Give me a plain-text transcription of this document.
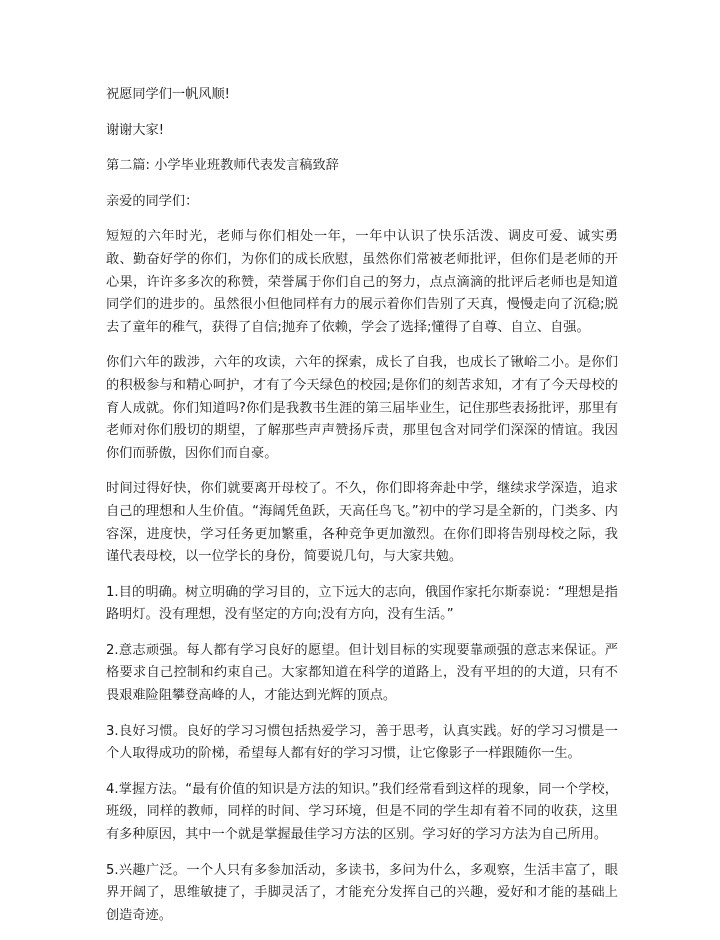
祝愿同学们一帆风顺!

谢谢大家!

第二篇: 小学毕业班教师代表发言稿致辞

亲爱的同学们：

短短的六年时光，老师与你们相处一年，一年中认识了快乐活泼、调皮可爱、诚实勇敢、勤奋好学的你们，为你们的成长欣慰，虽然你们常被老师批评，但你们是老师的开心果，许许多多次的称赞，荣誉属于你们自己的努力，点点滴滴的批评后老师也是知道同学们的进步的。虽然很小但他同样有力的展示着你们告别了天真，慢慢走向了沉稳;脱去了童年的稚气，获得了自信;抛弃了依赖，学会了选择;懂得了自尊、自立、自强。

你们六年的跋涉，六年的攻读，六年的探索，成长了自我，也成长了锹峪二小。是你们的积极参与和精心呵护，才有了今天绿色的校园;是你们的刻苦求知，才有了今天母校的育人成就。你们知道吗?你们是我教书生涯的第三届毕业生，记住那些表扬批评，那里有老师对你们殷切的期望，了解那些声声赞扬斥责，那里包含对同学们深深的情谊。我因你们而骄傲，因你们而自豪。

时间过得好快，你们就要离开母校了。不久，你们即将奔赴中学，继续求学深造，追求自己的理想和人生价值。“海阔凭鱼跃，天高任鸟飞。”初中的学习是全新的，门类多、内容深，进度快，学习任务更加繁重，各种竞争更加激烈。在你们即将告别母校之际，我谨代表母校，以一位学长的身份，简要说几句，与大家共勉。

1.目的明确。树立明确的学习目的，立下远大的志向，俄国作家托尔斯泰说：“理想是指路明灯。没有理想，没有坚定的方向;没有方向，没有生活。”

2.意志顽强。每人都有学习良好的愿望。但计划目标的实现要靠顽强的意志来保证。严格要求自己控制和约束自己。大家都知道在科学的道路上，没有平坦的的大道，只有不畏艰难险阻攀登高峰的人，才能达到光辉的顶点。

3.良好习惯。良好的学习习惯包括热爱学习，善于思考，认真实践。好的学习习惯是一个人取得成功的阶梯，希望每人都有好的学习习惯，让它像影子一样跟随你一生。

4.掌握方法。“最有价值的知识是方法的知识。”我们经常看到这样的现象，同一个学校，班级，同样的教师，同样的时间、学习环境，但是不同的学生却有着不同的收获，这里有多种原因，其中一个就是掌握最佳学习方法的区别。学习好的学习方法为自己所用。

5.兴趣广泛。一个人只有多参加活动，多读书，多问为什么，多观察，生活丰富了，眼界开阔了，思维敏捷了，手脚灵活了，才能充分发挥自己的兴趣，爱好和才能的基础上创造奇迹。
